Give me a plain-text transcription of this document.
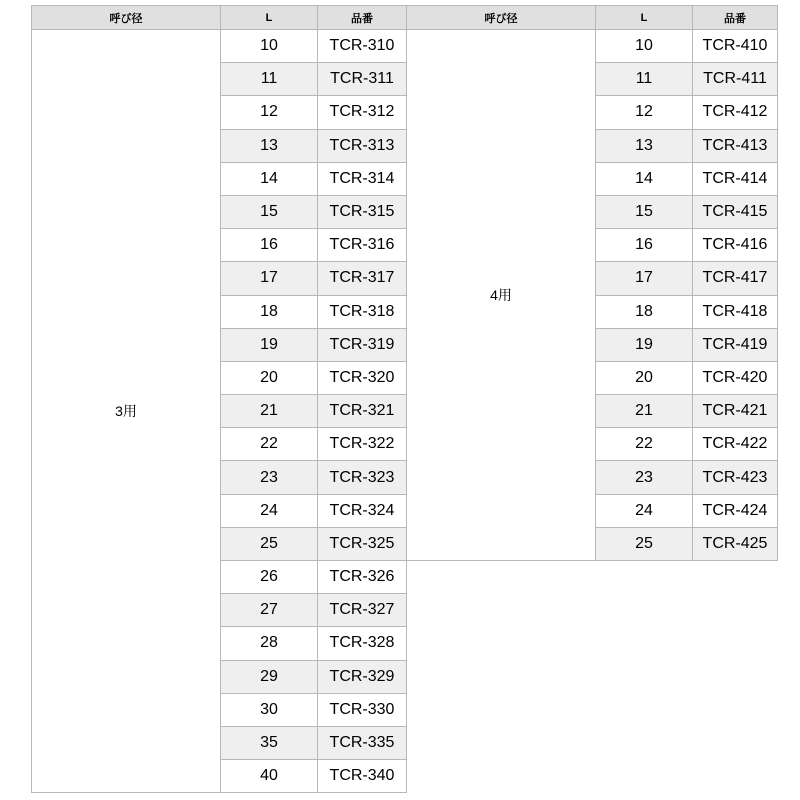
呼び径	L	品番
3用	10	TCR-310
	11	TCR-311
	12	TCR-312
	13	TCR-313
	14	TCR-314
	15	TCR-315
	16	TCR-316
	17	TCR-317
	18	TCR-318
	19	TCR-319
	20	TCR-320
	21	TCR-321
	22	TCR-322
	23	TCR-323
	24	TCR-324
	25	TCR-325
	26	TCR-326
	27	TCR-327
	28	TCR-328
	29	TCR-329
	30	TCR-330
	35	TCR-335
	40	TCR-340
呼び径	L	品番
4用	10	TCR-410
	11	TCR-411
	12	TCR-412
	13	TCR-413
	14	TCR-414
	15	TCR-415
	16	TCR-416
	17	TCR-417
	18	TCR-418
	19	TCR-419
	20	TCR-420
	21	TCR-421
	22	TCR-422
	23	TCR-423
	24	TCR-424
	25	TCR-425
